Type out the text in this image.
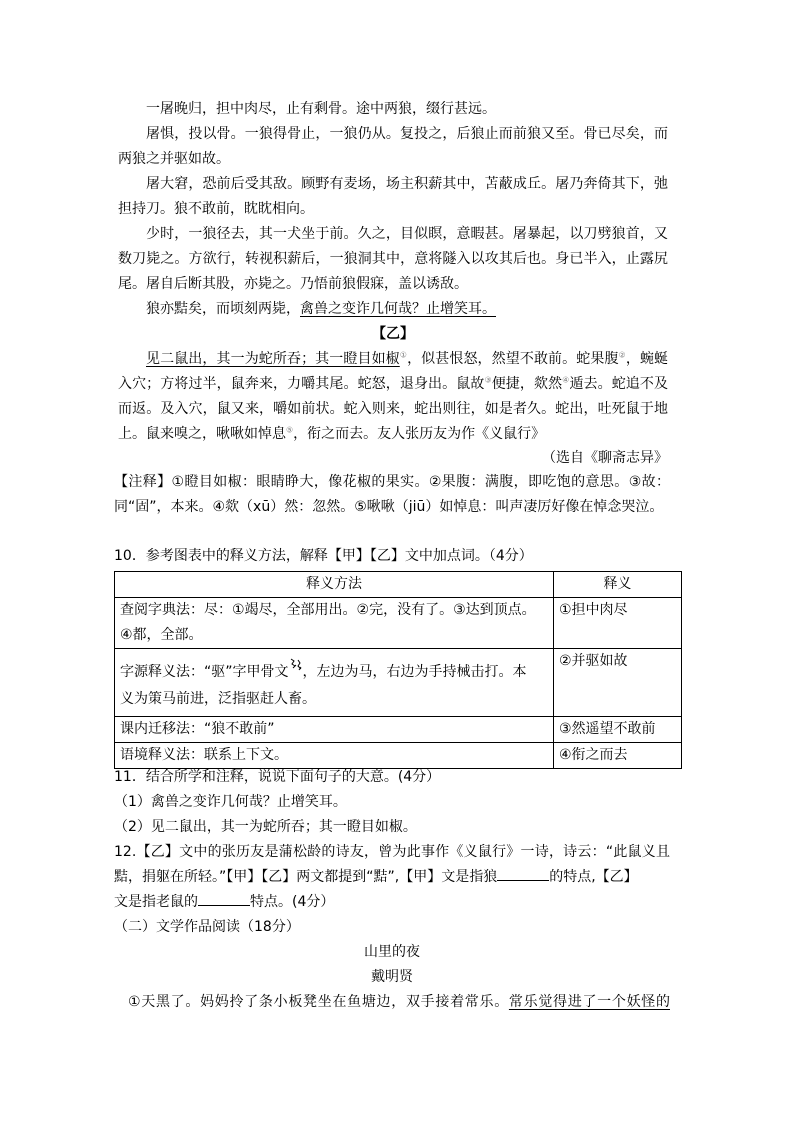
一屠晚归，担中肉尽，止有剩骨。途中两狼，缀行甚远。
屠惧，投以骨。一狼得骨止，一狼仍从。复投之，后狼止而前狼又至。骨已尽矣，而
两狼之并驱如故。
屠大窘，恐前后受其敌。顾野有麦场，场主积薪其中，苫蔽成丘。屠乃奔倚其下，弛
担持刀。狼不敢前，眈眈相向。
少时，一狼径去，其一犬坐于前。久之，目似瞑，意暇甚。屠暴起，以刀劈狼首，又
数刀毙之。方欲行，转视积薪后，一狼洞其中，意将隧入以攻其后也。身已半入，止露尻
尾。屠自后断其股，亦毙之。乃悟前狼假寐，盖以诱敌。
狼亦黠矣，而顷刻两毙，禽兽之变诈几何哉？止增笑耳。
【乙】
见二鼠出，其一为蛇所吞；其一瞪目如椒①，似甚恨怒，然望不敢前。蛇果腹②，蜿蜒
入穴；方将过半，鼠奔来，力嚼其尾。蛇怒，退身出。鼠故③便捷，欻然④遁去。蛇追不及
而返。及入穴，鼠又来，嚼如前状。蛇入则来，蛇出则往，如是者久。蛇出，吐死鼠于地
上。鼠来嗅之，啾啾如悼息⑤，衔之而去。友人张历友为作《义鼠行》
（选自《聊斋志异》
【注释】①瞪目如椒：眼睛睁大，像花椒的果实。②果腹：满腹，即吃饱的意思。③故：
同“固”，本来。④欻（xū）然：忽然。⑤啾啾（jiū）如悼息：叫声凄厉好像在悼念哭泣。
10．参考图表中的释义方法，解释【甲】【乙】文中加点词。（4分）
释义方法	释义

查阅字典法：尽：①竭尽，全部用出。②完，没有了。③达到顶点。
④都，全部。	①担中肉尽

字源释义法：“驱”字甲骨文 ，左边为马，右边为手持械击打。本
义为策马前进，泛指驱赶人畜。	②并驱如故
课内迁移法：“狼不敢前”	③然遥望不敢前
语境释义法：联系上下文。	④衔之而去
11．结合所学和注释，说说下面句子的大意。(4分）
（1）禽兽之变诈几何哉？止增笑耳。
（2）见二鼠出，其一为蛇所吞；其一瞪目如椒。
12.【乙】文中的张历友是蒲松龄的诗友，曾为此事作《义鼠行》一诗，诗云：“此鼠义且
黠，捐躯在所轻。”【甲】【乙】两文都提到“黠”,【甲】文是指狼	的特点,【乙】
文是指老鼠的	特点。(4分）
（二）文学作品阅读（18分）
山里的夜
戴明贤
①天黑了。妈妈拎了条小板凳坐在鱼塘边，双手接着常乐。常乐觉得进了一个妖怪的
